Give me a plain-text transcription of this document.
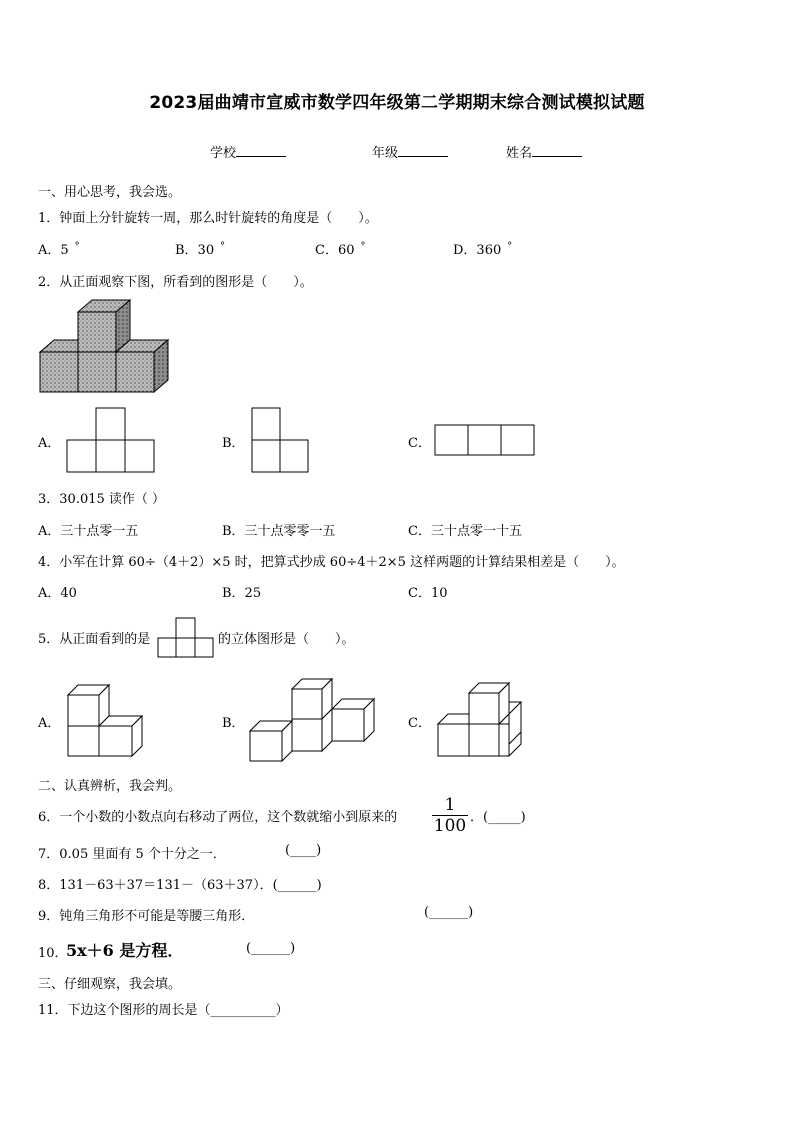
2023届曲靖市宣威市数学四年级第二学期期末综合测试模拟试题
学校	年级	姓名
一、用心思考，我会选。
1．钟面上分针旋转一周，那么时针旋转的角度是（　　）。
A．5 °	B．30 °	C．60 °	D．360 °
2．从正面观察下图，所看到的图形是（　　）。
A．	B．	C．
3．30.015 读作（ ）
A．三十点零一五	B．三十点零零一五	C．三十点零一十五
4．小军在计算 60÷（4＋2）×5 时，把算式抄成 60÷4＋2×5 这样两题的计算结果相差是（　　）。
A．40	B．25	C．10
5．从正面看到的是	的立体图形是（　　）。
A．	B．	C．
二、认真辨析，我会判。
6．一个小数的小数点向右移动了两位，这个数就缩小到原来的
1
100 ．(_____)
7．0.05 里面有 5 个十分之一．	(____)
8．131－63＋37＝131－（63＋37）．(______)
9．钝角三角形不可能是等腰三角形．	(______)
10．
5x＋6 是方程．	(______)
三、仔细观察，我会填。
11．下边这个图形的周长是（__________）
